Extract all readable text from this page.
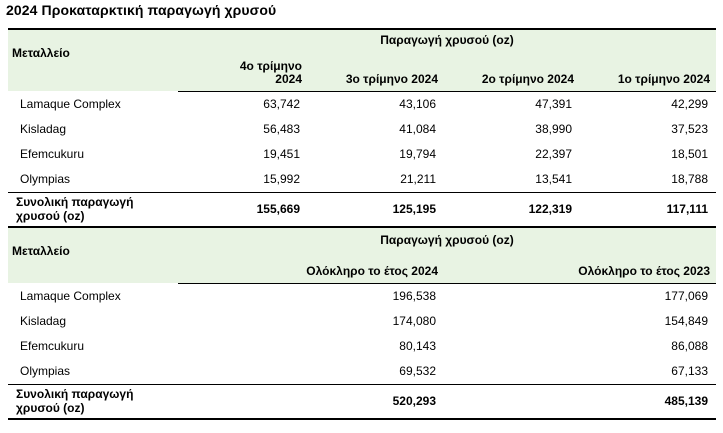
2024 Προκαταρκτική παραγωγή χρυσού
Μεταλλείο	Παραγωγή χρυσού (oz)			
	4ο τρίμηνο 2024	3ο τρίμηνο 2024	2ο τρίμηνο 2024	1ο τρίμηνο 2024
Lamaque Complex	63,742	43,106	47,391	42,299
Kisladag	56,483	41,084	38,990	37,523
Efemcukuru	19,451	19,794	22,397	18,501
Olympias	15,992	21,211	13,541	18,788
Συνολική παραγωγή χρυσού (oz)	155,669	125,195	122,319	117,111
Μεταλλείο	Παραγωγή χρυσού (oz)	
	Ολόκληρο το έτος 2024	Ολόκληρο το έτος 2023
Lamaque Complex	196,538	177,069
Kisladag	174,080	154,849
Efemcukuru	80,143	86,088
Olympias	69,532	67,133
Συνολική παραγωγή χρυσού (oz)	520,293	485,139
